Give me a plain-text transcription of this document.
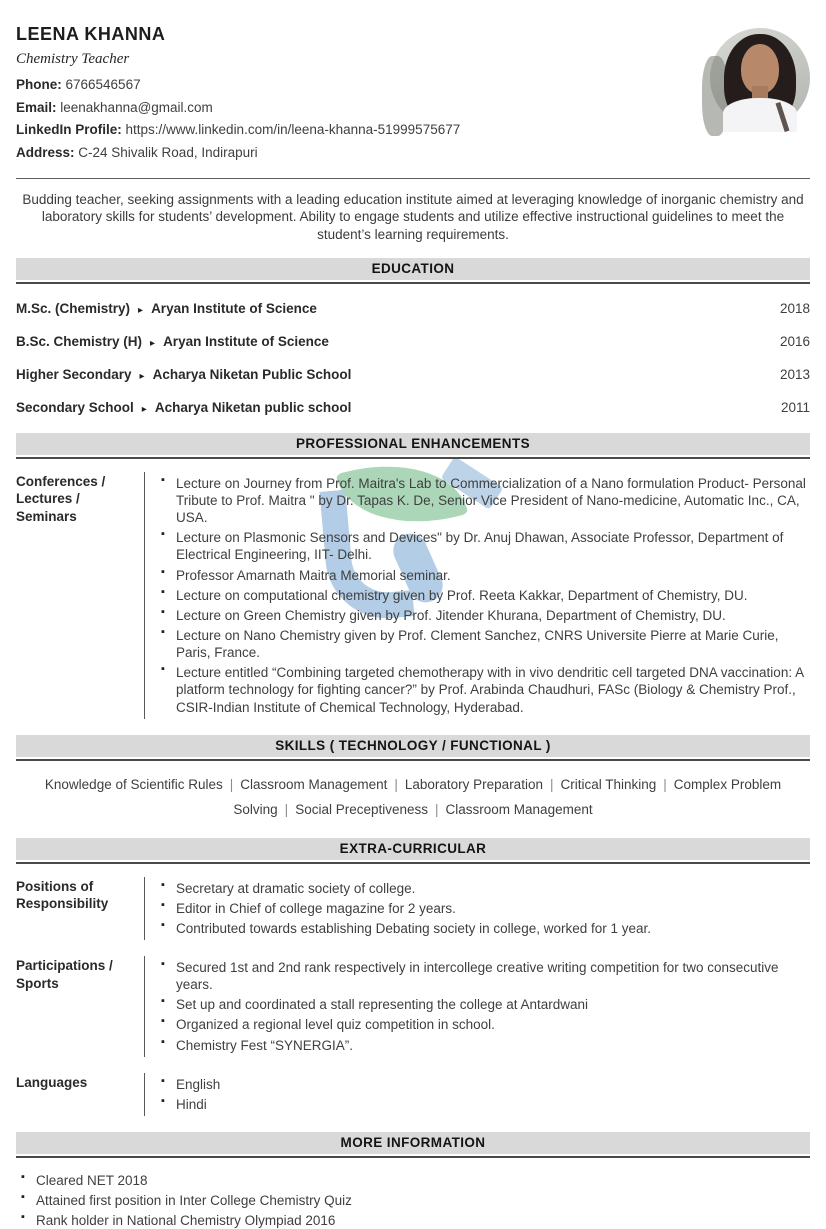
LEENA KHANNA
Chemistry Teacher
Phone: 6766546567
Email: leenakhanna@gmail.com
LinkedIn Profile: https://www.linkedin.com/in/leena-khanna-51999575677
Address: C-24 Shivalik Road, Indirapuri

Budding teacher, seeking assignments with a leading education institute aimed at leveraging knowledge of inorganic chemistry and laboratory skills for students’ development. Ability to engage students and utilize effective instructional guidelines to meet the student’s learning requirements.

EDUCATION
M.Sc. (Chemistry) ▸ Aryan Institute of Science	2018
B.Sc. Chemistry (H) ▸ Aryan Institute of Science	2016
Higher Secondary ▸ Acharya Niketan Public School	2013
Secondary School ▸ Acharya Niketan public school	2011
PROFESSIONAL ENHANCEMENTS
Conferences / Lectures / Seminars
▪ Lecture on Journey from Prof. Maitra's Lab to Commercialization of a Nano formulation Product- Personal Tribute to Prof. Maitra " by Dr. Tapas K. De, Senior Vice President of Nano-medicine, Automatic Inc., CA, USA.
▪ Lecture on Plasmonic Sensors and Devices" by Dr. Anuj Dhawan, Associate Professor, Department of Electrical Engineering, IIT- Delhi.
▪ Professor Amarnath Maitra Memorial seminar.
▪ Lecture on computational chemistry given by Prof. Reeta Kakkar, Department of Chemistry, DU.
▪ Lecture on Green Chemistry given by Prof. Jitender Khurana, Department of Chemistry, DU.
▪ Lecture on Nano Chemistry given by Prof. Clement Sanchez, CNRS Universite Pierre at Marie Curie, Paris, France.
▪ Lecture entitled “Combining targeted chemotherapy with in vivo dendritic cell targeted DNA vaccination: A platform technology for fighting cancer?” by Prof. Arabinda Chaudhuri, FASc (Biology & Chemistry Prof., CSIR-Indian Institute of Chemical Technology, Hyderabad.
SKILLS ( TECHNOLOGY / FUNCTIONAL )
Knowledge of Scientific Rules | Classroom Management | Laboratory Preparation | Critical Thinking | Complex Problem Solving | Social Preceptiveness | Classroom Management
EXTRA-CURRICULAR
Positions of Responsibility
▪ Secretary at dramatic society of college.
▪ Editor in Chief of college magazine for 2 years.
▪ Contributed towards establishing Debating society in college, worked for 1 year.
Participations / Sports
▪ Secured 1st and 2nd rank respectively in intercollege creative writing competition for two consecutive years.
▪ Set up and coordinated a stall representing the college at Antardwani
▪ Organized a regional level quiz competition in school.
▪ Chemistry Fest “SYNERGIA”.
Languages	▪ English
▪ Hindi
MORE INFORMATION
▪ Cleared NET 2018
▪ Attained first position in Inter College Chemistry Quiz
▪ Rank holder in National Chemistry Olympiad 2016
